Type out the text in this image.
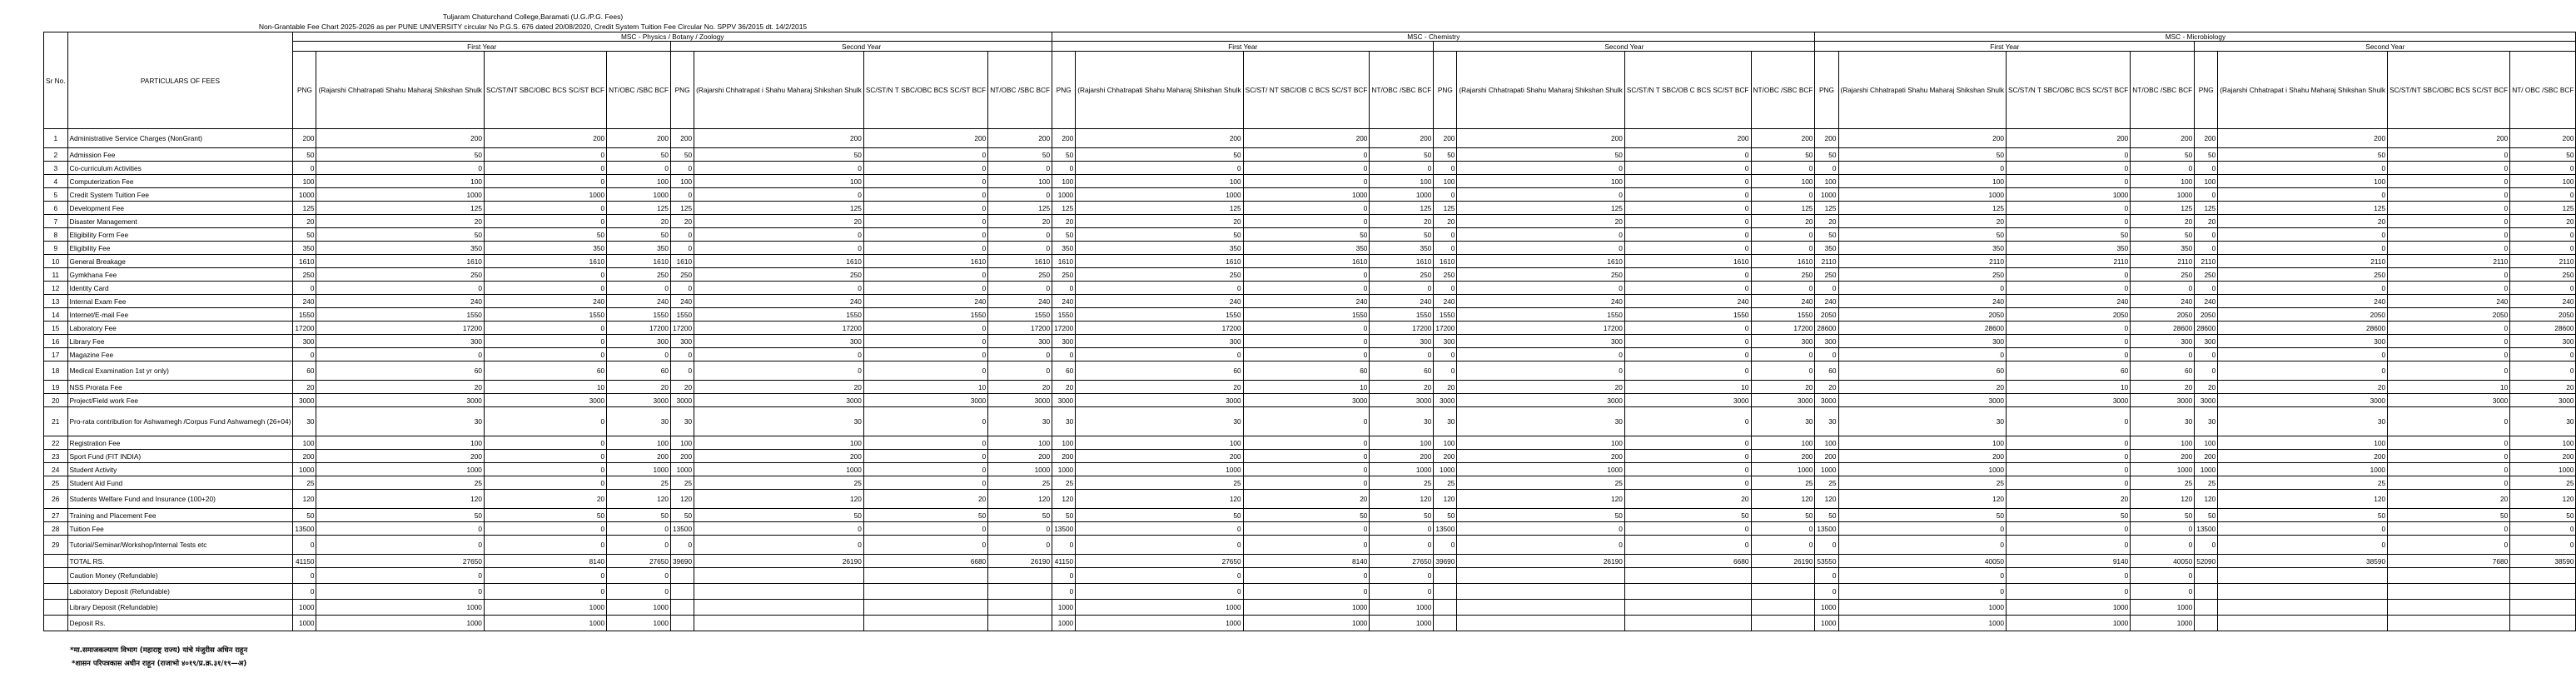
Tuljaram Chaturchand College,Baramati (U.G./P.G. Fees)
Non-Grantable Fee Chart 2025-2026 as per PUNE UNIVERSITY circular No P.G.S. 676 dated 20/08/2020, Credit System Tuition Fee Circular No. SPPV 36/2015 dt. 14/2/2015
Sr No.	PARTICULARS OF FEES	MSC - Physics / Botany / Zoology								MSC - Chemistry								MSC - Microbiology							
		First Year				Second Year				First Year				Second Year				First Year				Second Year			
		PNG	(Rajarshi Chhatrapati Shahu Maharaj Shikshan Shulk	SC/ST/NT SBC/OBC BCS SC/ST BCF	NT/OBC /SBC BCF	PNG	(Rajarshi Chhatrapat i Shahu Maharaj Shikshan Shulk	SC/ST/N T SBC/OBC BCS SC/ST BCF	NT/OBC /SBC BCF	PNG	(Rajarshi Chhatrapati Shahu Maharaj Shikshan Shulk	SC/ST/ NT SBC/OB C BCS SC/ST BCF	NT/OBC /SBC BCF	PNG	(Rajarshi Chhatrapati Shahu Maharaj Shikshan Shulk	SC/ST/N T SBC/OB C BCS SC/ST BCF	NT/OBC /SBC BCF	PNG	(Rajarshi Chhatrapati Shahu Maharaj Shikshan Shulk	SC/ST/N T SBC/OBC BCS SC/ST BCF	NT/OBC /SBC BCF	PNG	(Rajarshi Chhatrapat i Shahu Maharaj Shikshan Shulk	SC/ST/NT SBC/OBC BCS SC/ST BCF	NT/ OBC /SBC BCF
1	Administrative Service Charges (NonGrant)	200	200	200	200	200	200	200	200	200	200	200	200	200	200	200	200	200	200	200	200	200	200	200	200
2	Admission Fee	50	50	0	50	50	50	0	50	50	50	0	50	50	50	0	50	50	50	0	50	50	50	0	50
3	Co-curriculum Activities	0	0	0	0	0	0	0	0	0	0	0	0	0	0	0	0	0	0	0	0	0	0	0	0
4	Computerization Fee	100	100	0	100	100	100	0	100	100	100	0	100	100	100	0	100	100	100	0	100	100	100	0	100
5	Credit System Tuition Fee	1000	1000	1000	1000	0	0	0	0	1000	1000	1000	1000	0	0	0	0	1000	1000	1000	1000	0	0	0	0
6	Development Fee	125	125	0	125	125	125	0	125	125	125	0	125	125	125	0	125	125	125	0	125	125	125	0	125
7	Disaster Management	20	20	0	20	20	20	0	20	20	20	0	20	20	20	0	20	20	20	0	20	20	20	0	20
8	Eligibility Form Fee	50	50	50	50	0	0	0	0	50	50	50	50	0	0	0	0	50	50	50	50	0	0	0	0
9	Eligibility Fee	350	350	350	350	0	0	0	0	350	350	350	350	0	0	0	0	350	350	350	350	0	0	0	0
10	General Breakage	1610	1610	1610	1610	1610	1610	1610	1610	1610	1610	1610	1610	1610	1610	1610	1610	2110	2110	2110	2110	2110	2110	2110	2110
11	Gymkhana Fee	250	250	0	250	250	250	0	250	250	250	0	250	250	250	0	250	250	250	0	250	250	250	0	250
12	Identity Card	0	0	0	0	0	0	0	0	0	0	0	0	0	0	0	0	0	0	0	0	0	0	0	0
13	Internal Exam Fee	240	240	240	240	240	240	240	240	240	240	240	240	240	240	240	240	240	240	240	240	240	240	240	240
14	Internet/E-mail Fee	1550	1550	1550	1550	1550	1550	1550	1550	1550	1550	1550	1550	1550	1550	1550	1550	2050	2050	2050	2050	2050	2050	2050	2050
15	Laboratory Fee	17200	17200	0	17200	17200	17200	0	17200	17200	17200	0	17200	17200	17200	0	17200	28600	28600	0	28600	28600	28600	0	28600
16	Library Fee	300	300	0	300	300	300	0	300	300	300	0	300	300	300	0	300	300	300	0	300	300	300	0	300
17	Magazine Fee	0	0	0	0	0	0	0	0	0	0	0	0	0	0	0	0	0	0	0	0	0	0	0	0
18	Medical Examination 1st yr only)	60	60	60	60	0	0	0	0	60	60	60	60	0	0	0	0	60	60	60	60	0	0	0	0
19	NSS Prorata Fee	20	20	10	20	20	20	10	20	20	20	10	20	20	20	10	20	20	20	10	20	20	20	10	20
20	Project/Field work Fee	3000	3000	3000	3000	3000	3000	3000	3000	3000	3000	3000	3000	3000	3000	3000	3000	3000	3000	3000	3000	3000	3000	3000	3000
21	Pro-rata contribution for Ashwamegh /Corpus Fund Ashwamegh (26+04)	30	30	0	30	30	30	0	30	30	30	0	30	30	30	0	30	30	30	0	30	30	30	0	30
22	Registration Fee	100	100	0	100	100	100	0	100	100	100	0	100	100	100	0	100	100	100	0	100	100	100	0	100
23	Sport Fund (FIT INDIA)	200	200	0	200	200	200	0	200	200	200	0	200	200	200	0	200	200	200	0	200	200	200	0	200
24	Student Activity	1000	1000	0	1000	1000	1000	0	1000	1000	1000	0	1000	1000	1000	0	1000	1000	1000	0	1000	1000	1000	0	1000
25	Student Aid Fund	25	25	0	25	25	25	0	25	25	25	0	25	25	25	0	25	25	25	0	25	25	25	0	25
26	Students Welfare Fund and Insurance (100+20)	120	120	20	120	120	120	20	120	120	120	20	120	120	120	20	120	120	120	20	120	120	120	20	120
27	Training and Placement Fee	50	50	50	50	50	50	50	50	50	50	50	50	50	50	50	50	50	50	50	50	50	50	50	50
28	Tuition Fee	13500	0	0	0	13500	0	0	0	13500	0	0	0	13500	0	0	0	13500	0	0	0	13500	0	0	0
29	Tutorial/Seminar/Workshop/Internal Tests etc	0	0	0	0	0	0	0	0	0	0	0	0	0	0	0	0	0	0	0	0	0	0	0	0
	TOTAL RS.	41150	27650	8140	27650	39690	26190	6680	26190	41150	27650	8140	27650	39690	26190	6680	26190	53550	40050	9140	40050	52090	38590	7680	38590
	Caution Money (Refundable)	0	0	0	0					0	0	0	0					0	0	0	0				
	Laboratory Deposit (Refundable)	0	0	0	0					0	0	0	0					0	0	0	0				
	Library Deposit (Refundable)	1000	1000	1000	1000					1000	1000	1000	1000					1000	1000	1000	1000				
	Deposit Rs.	1000	1000	1000	1000					1000	1000	1000	1000					1000	1000	1000	1000				
*मा.समाजकल्याण विभाग (महाराष्ट्र राज्य) यांचे मंजुरीस अधिन राहून
*शासन परिपत्रकास अधीन राहून (राजाभो ४०१९/प्र.क्र.३१/१९—अ)
